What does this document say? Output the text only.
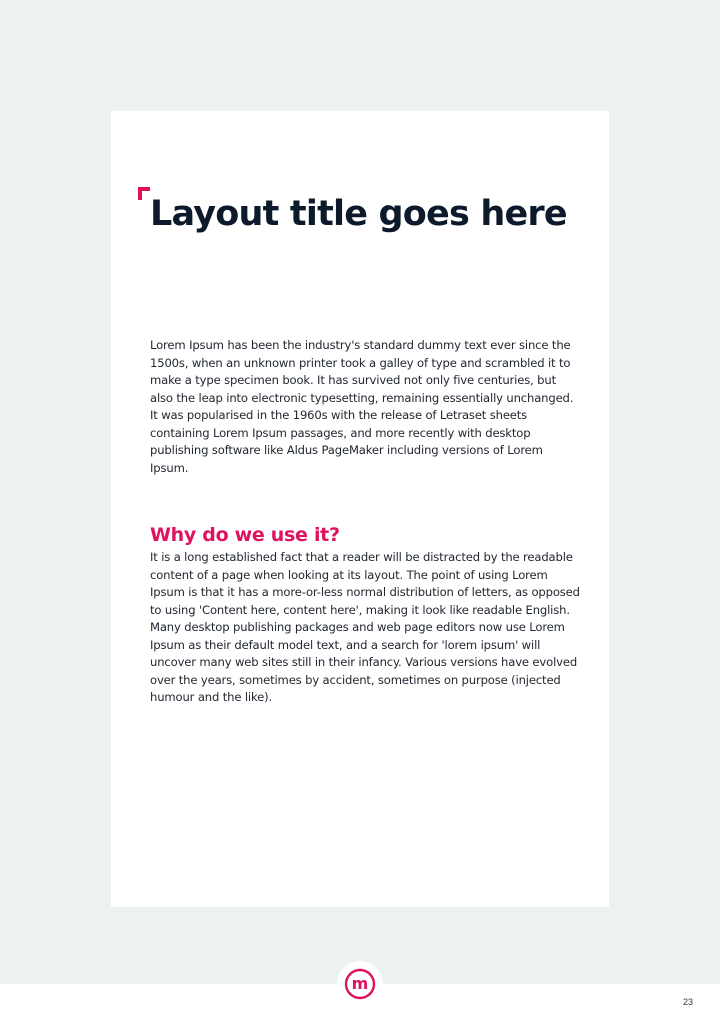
Layout title goes here

Lorem Ipsum has been the industry's standard dummy text ever since the 1500s, when an unknown printer took a galley of type and scrambled it to make a type specimen book. It has survived not only five centuries, but also the leap into electronic typesetting, remaining essentially unchanged. It was popularised in the 1960s with the release of Letraset sheets containing Lorem Ipsum passages, and more recently with desktop publishing software like Aldus PageMaker including versions of Lorem Ipsum.

Why do we use it?

It is a long established fact that a reader will be distracted by the readable content of a page when looking at its layout. The point of using Lorem Ipsum is that it has a more-or-less normal distribution of letters, as opposed to using 'Content here, content here', making it look like readable English. Many desktop publishing packages and web page editors now use Lorem Ipsum as their default model text, and a search for 'lorem ipsum' will uncover many web sites still in their infancy. Various versions have evolved over the years, sometimes by accident, sometimes on purpose (injected humour and the like).

m
23
